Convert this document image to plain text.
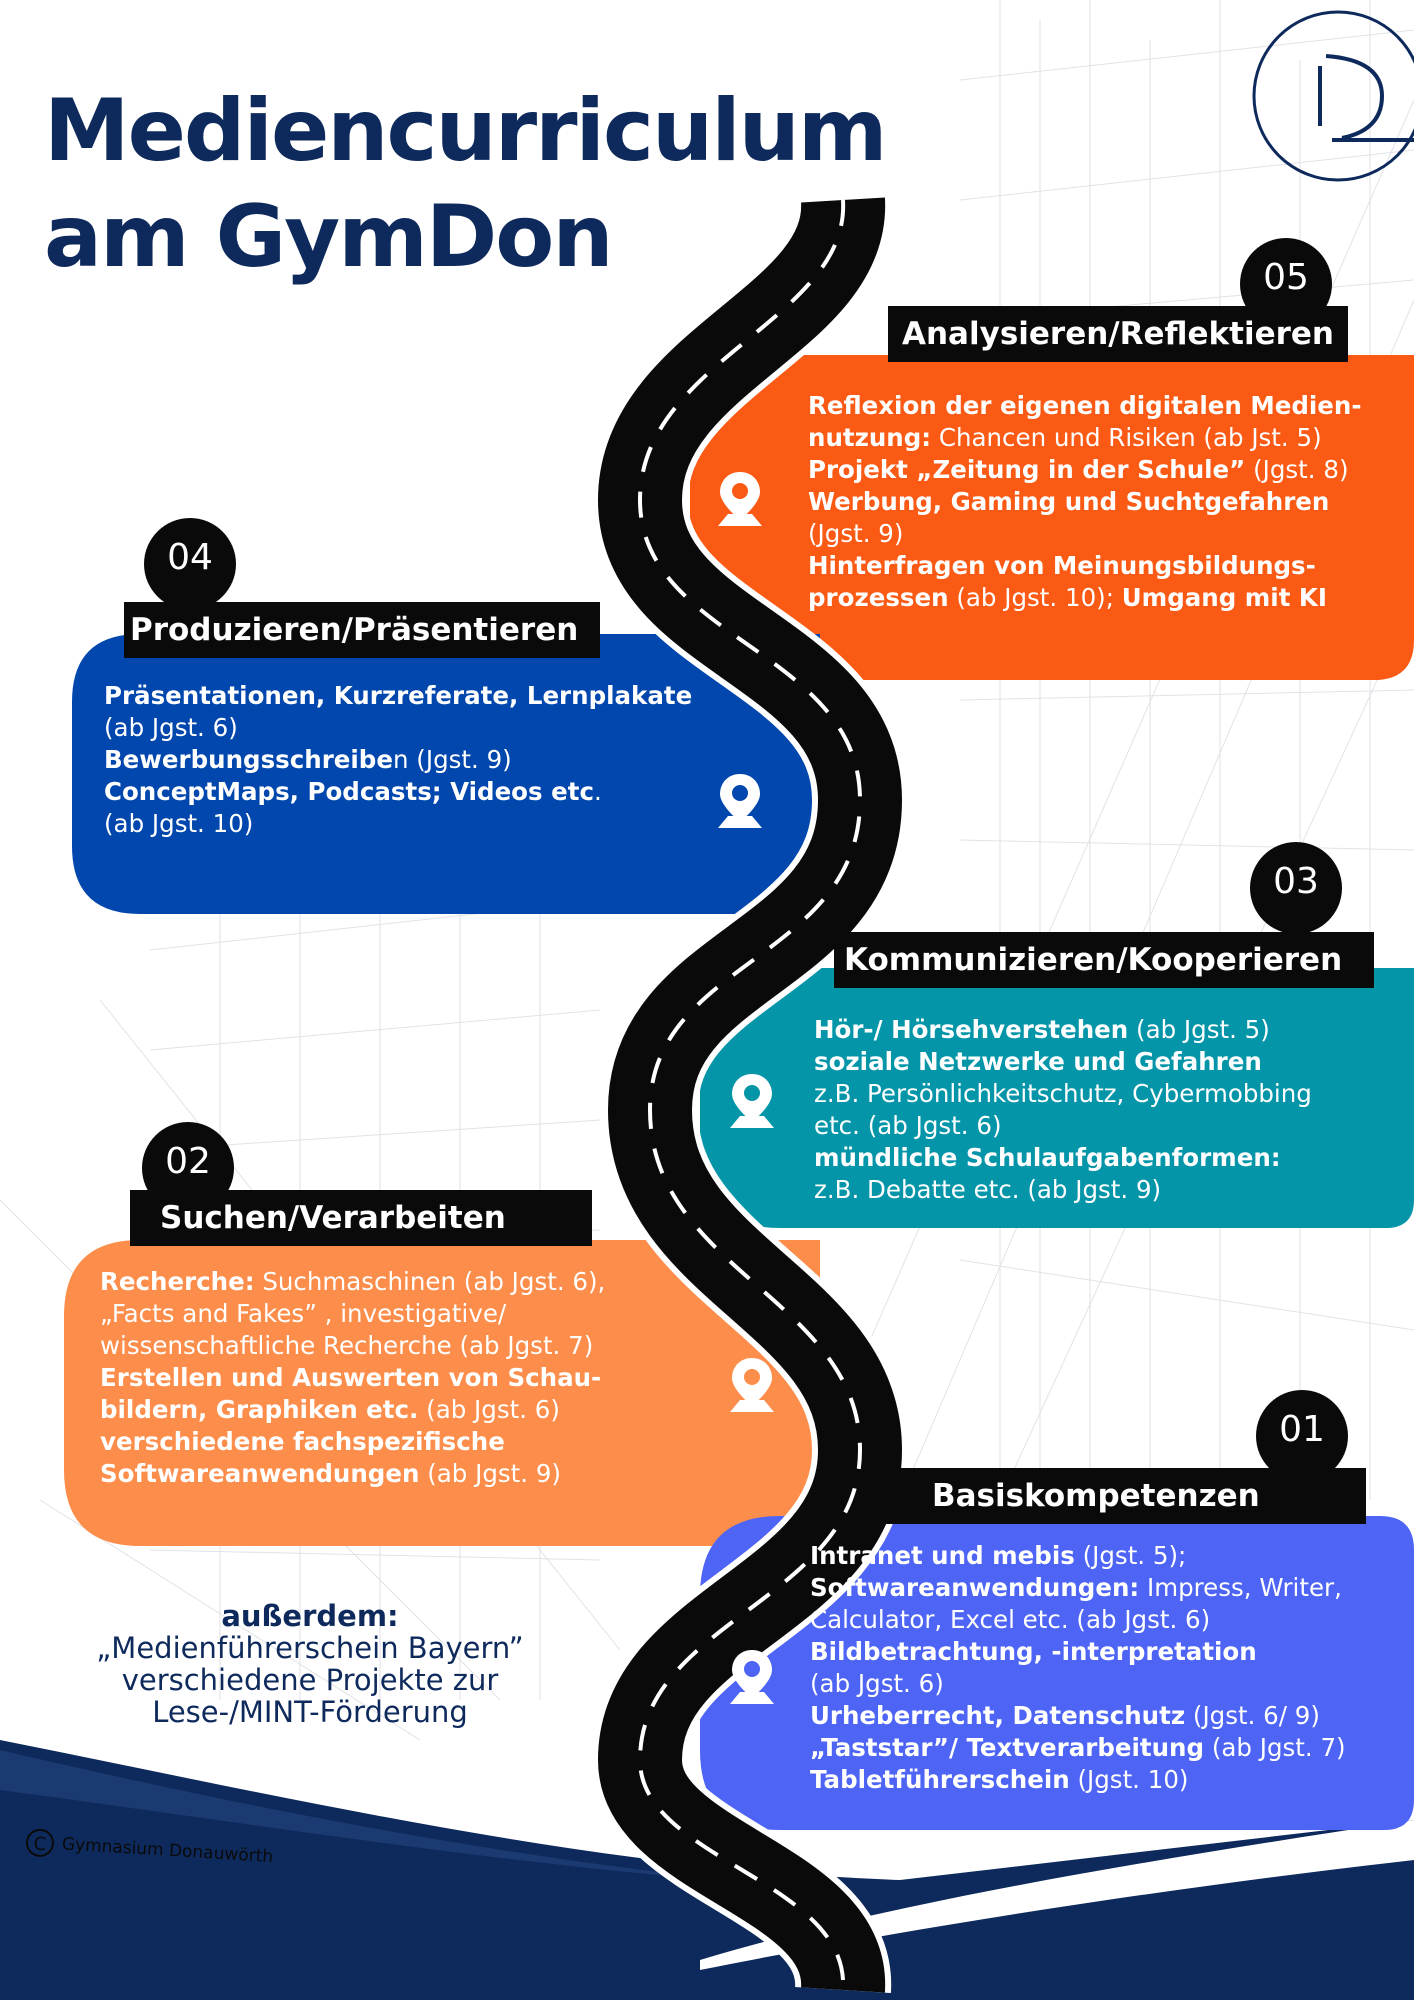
Mediencurriculum
am GymDon	05
Analysieren/Reflektieren
Reflexion der eigenen digitalen Medien-
nutzung: Chancen und Risiken (ab Jst. 5)
Projekt „Zeitung in der Schule” (Jgst. 8)
Werbung, Gaming und Suchtgefahren
(Jgst. 9)
Hinterfragen von Meinungsbildungs-
prozessen (ab Jgst. 10); Umgang mit KI
04
Produzieren/Präsentieren
Präsentationen, Kurzreferate, Lernplakate
(ab Jgst. 6)
Bewerbungsschreiben (Jgst. 9)
ConceptMaps, Podcasts; Videos etc.
(ab Jgst. 10)
03
Kommunizieren/Kooperieren
Hör-/ Hörsehverstehen (ab Jgst. 5)
soziale Netzwerke und Gefahren
z.B. Persönlichkeitschutz, Cybermobbing
etc. (ab Jgst. 6)
mündliche Schulaufgabenformen:
z.B. Debatte etc. (ab Jgst. 9)
02
Suchen/Verarbeiten
Recherche: Suchmaschinen (ab Jgst. 6),
„Facts and Fakes” , investigative/
wissenschaftliche Recherche (ab Jgst. 7)
Erstellen und Auswerten von Schau-
bildern, Graphiken etc. (ab Jgst. 6)
verschiedene fachspezifische
Softwareanwendungen (ab Jgst. 9)
01
Basiskompetenzen
Intranet und mebis (Jgst. 5);
Softwareanwendungen: Impress, Writer,
Calculator, Excel etc. (ab Jgst. 6)
Bildbetrachtung, -interpretation
(ab Jgst. 6)
Urheberrecht, Datenschutz (Jgst. 6/ 9)
„Taststar”/ Textverarbeitung (ab Jgst. 7)
Tabletführerschein (Jgst. 10)
außerdem:
„Medienführerschein Bayern”
verschiedene Projekte zur
Lese-/MINT-Förderung
C Gymnasium Donauwörth
